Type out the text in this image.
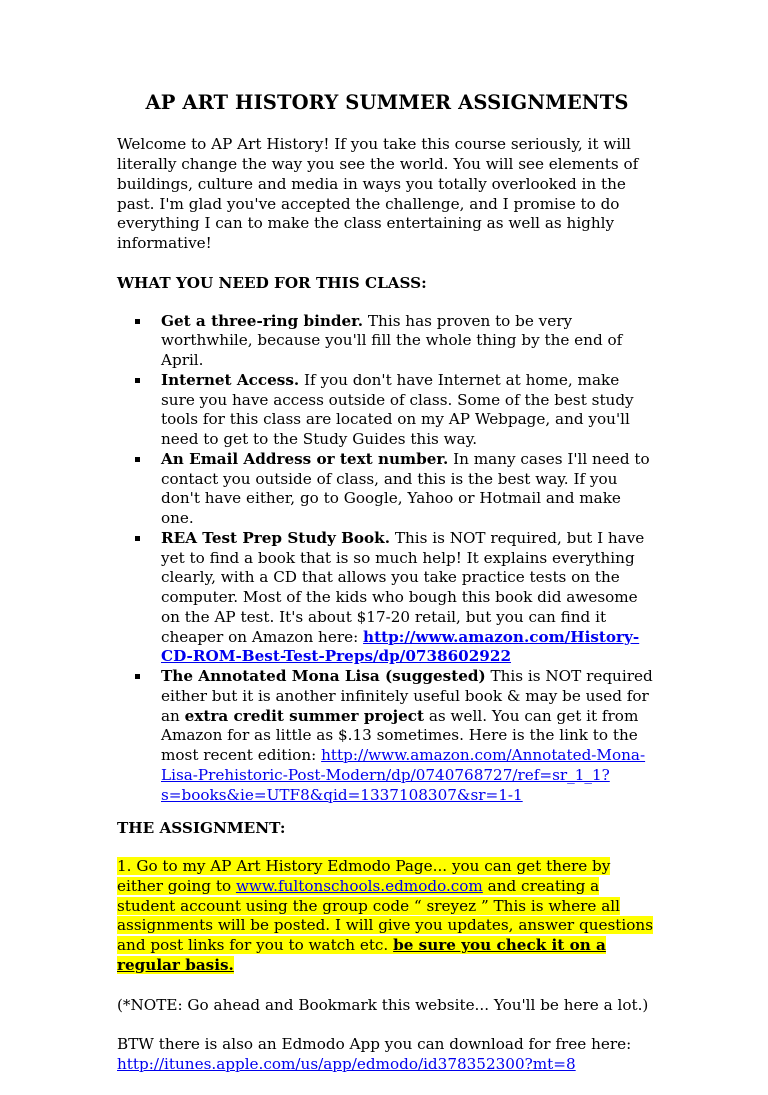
AP ART HISTORY SUMMER ASSIGNMENTS

Welcome to AP Art History! If you take this course seriously, it will literally change the way you see the world. You will see elements of buildings, culture and media in ways you totally overlooked in the past. I'm glad you've accepted the challenge, and I promise to do everything I can to make the class entertaining as well as highly informative!

WHAT YOU NEED FOR THIS CLASS:

Get a three-ring binder. This has proven to be very worthwhile, because you'll fill the whole thing by the end of April.
Internet Access. If you don't have Internet at home, make sure you have access outside of class. Some of the best study tools for this class are located on my AP Webpage, and you'll need to get to the Study Guides this way.
An Email Address or text number. In many cases I'll need to contact you outside of class, and this is the best way. If you don't have either, go to Google, Yahoo or Hotmail and make one.
REA Test Prep Study Book. This is NOT required, but I have yet to find a book that is so much help! It explains everything clearly, with a CD that allows you take practice tests on the computer. Most of the kids who bough this book did awesome on the AP test. It's about $17-20 retail, but you can find it cheaper on Amazon here: http://www.amazon.com/History-CD-ROM-Best-Test-Preps/dp/0738602922
The Annotated Mona Lisa (suggested) This is NOT required either but it is another infinitely useful book & may be used for an extra credit summer project as well. You can get it from Amazon for as little as $.13 sometimes. Here is the link to the most recent edition: http://www.amazon.com/Annotated-Mona-Lisa-Prehistoric-Post-Modern/dp/0740768727/ref=sr_1_1?s=books&ie=UTF8&qid=1337108307&sr=1-1

THE ASSIGNMENT:

1. Go to my AP Art History Edmodo Page... you can get there by either going to www.fultonschools.edmodo.com and creating a student account using the group code “ sreyez ” This is where all assignments will be posted. I will give you updates, answer questions and post links for you to watch etc. be sure you check it on a regular basis.

(*NOTE: Go ahead and Bookmark this website... You'll be here a lot.)

BTW there is also an Edmodo App you can download for free here: http://itunes.apple.com/us/app/edmodo/id378352300?mt=8
